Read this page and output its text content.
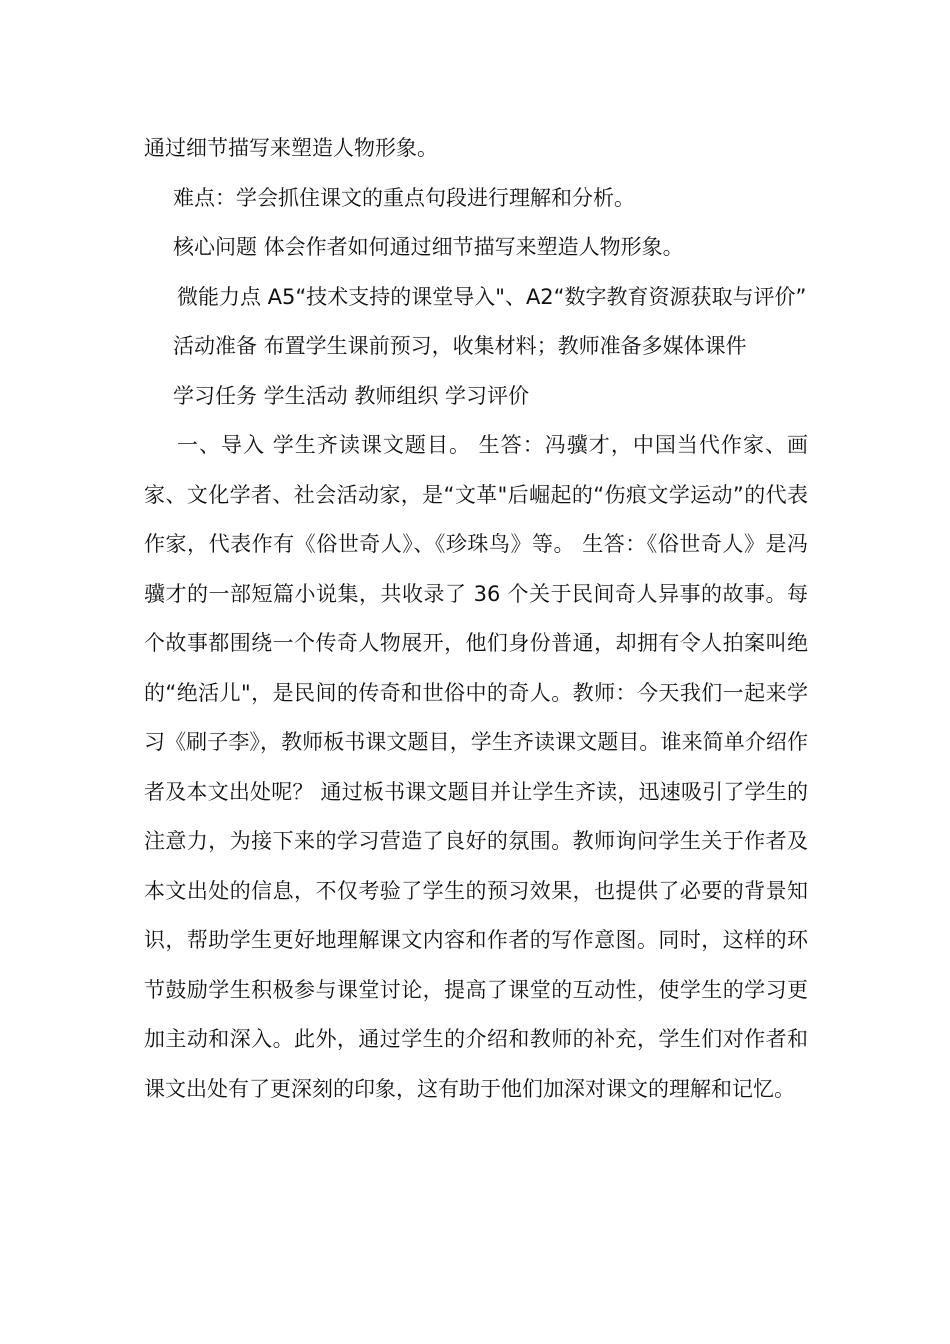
通过细节描写来塑造人物形象。

难点：学会抓住课文的重点句段进行理解和分析。

核心问题 体会作者如何通过细节描写来塑造人物形象。

微能力点 A5“技术支持的课堂导入"、A2“数字教育资源获取与评价”

活动准备 布置学生课前预习，收集材料；教师准备多媒体课件

学习任务 学生活动 教师组织 学习评价

一、导入 学生齐读课文题目。 生答：冯骥才，中国当代作家、画家、文化学者、社会活动家，是“文革"后崛起的“伤痕文学运动”的代表作家，代表作有《俗世奇人》、《珍珠鸟》等。 生答：《俗世奇人》是冯骥才的一部短篇小说集，共收录了 36 个关于民间奇人异事的故事。每个故事都围绕一个传奇人物展开，他们身份普通，却拥有令人拍案叫绝的“绝活儿"，是民间的传奇和世俗中的奇人。教师：今天我们一起来学习《刷子李》，教师板书课文题目，学生齐读课文题目。谁来简单介绍作者及本文出处呢？ 通过板书课文题目并让学生齐读，迅速吸引了学生的注意力，为接下来的学习营造了良好的氛围。教师询问学生关于作者及本文出处的信息，不仅考验了学生的预习效果，也提供了必要的背景知识，帮助学生更好地理解课文内容和作者的写作意图。同时，这样的环节鼓励学生积极参与课堂讨论，提高了课堂的互动性，使学生的学习更加主动和深入。此外，通过学生的介绍和教师的补充，学生们对作者和课文出处有了更深刻的印象，这有助于他们加深对课文的理解和记忆。
